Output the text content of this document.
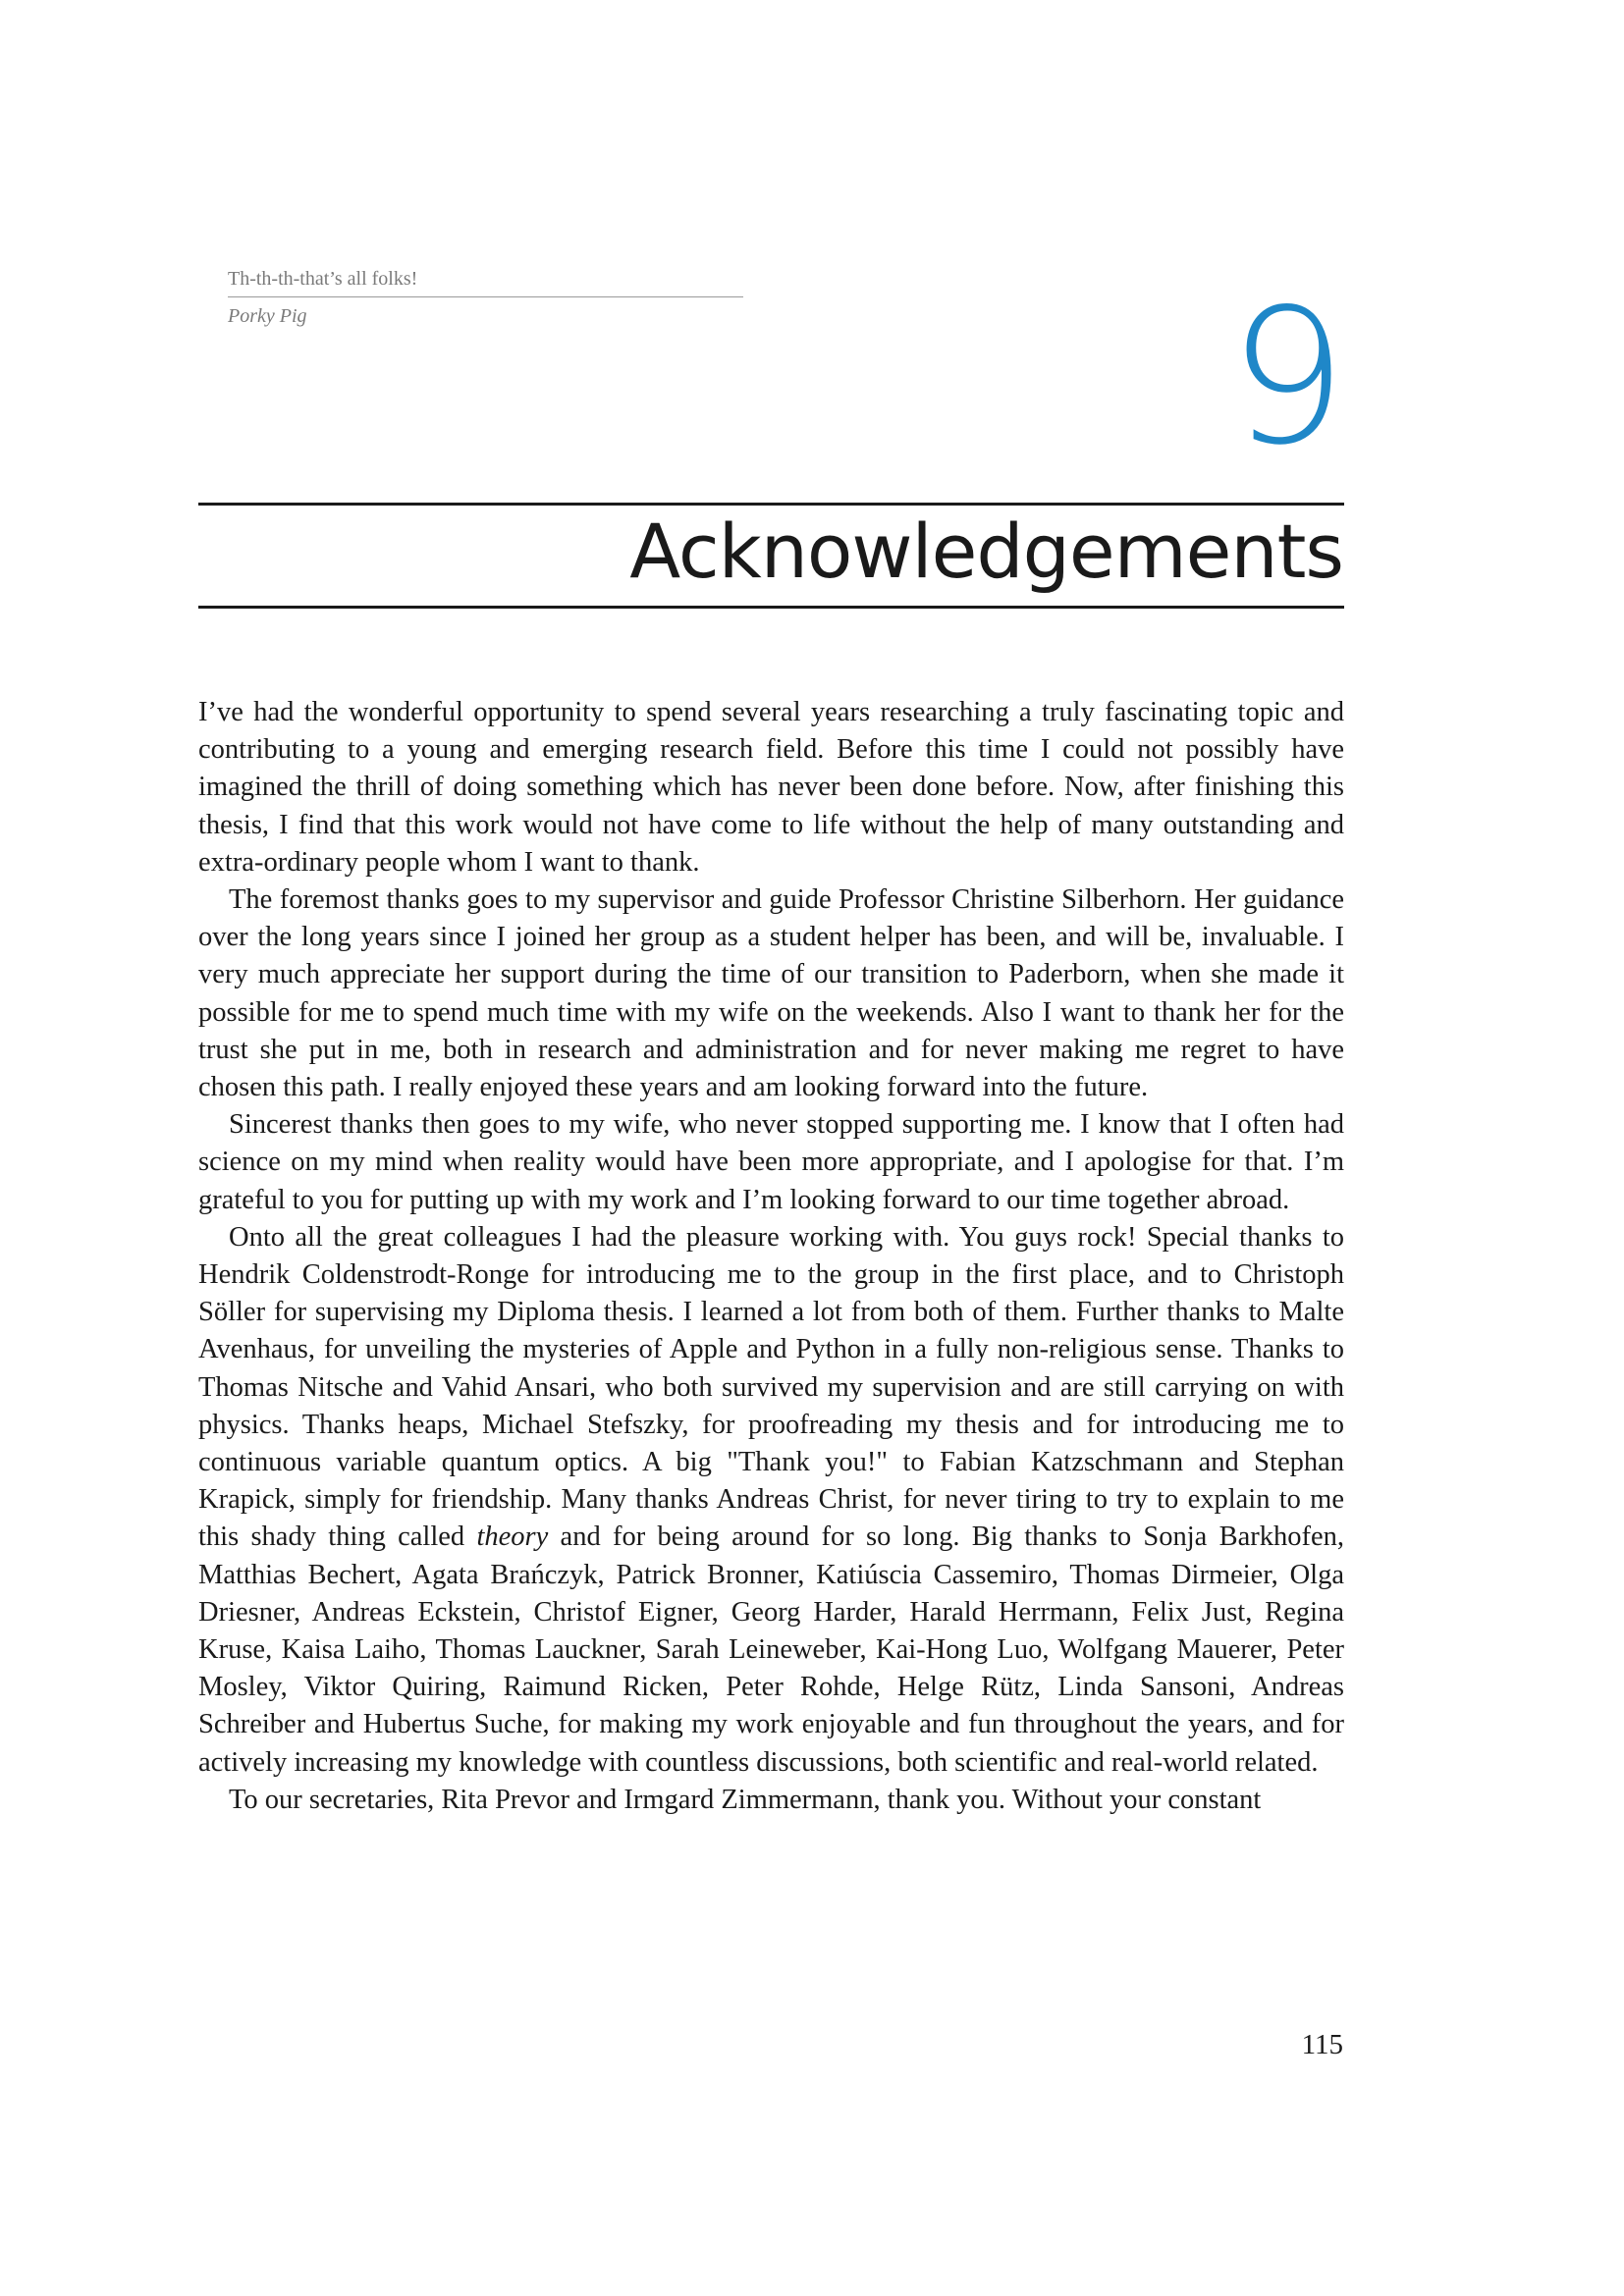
Th-th-th-that’s all folks!
Porky Pig	9
Acknowledgements

I’ve had the wonderful opportunity to spend several years researching a truly fascinating topic and contributing to a young and emerging research field. Before this time I could not possibly have imagined the thrill of doing something which has never been done before. Now, after finishing this thesis, I find that this work would not have come to life without the help of many outstanding and extra-ordinary people whom I want to thank.

The foremost thanks goes to my supervisor and guide Professor Christine Silberhorn. Her guidance over the long years since I joined her group as a student helper has been, and will be, invaluable. I very much appreciate her support during the time of our transition to Paderborn, when she made it possible for me to spend much time with my wife on the weekends. Also I want to thank her for the trust she put in me, both in research and administration and for never making me regret to have chosen this path. I really enjoyed these years and am looking forward into the future.

Sincerest thanks then goes to my wife, who never stopped supporting me. I know that I often had science on my mind when reality would have been more appropriate, and I apologise for that. I’m grateful to you for putting up with my work and I’m looking forward to our time together abroad.

Onto all the great colleagues I had the pleasure working with. You guys rock! Special thanks to Hendrik Coldenstrodt-Ronge for introducing me to the group in the first place, and to Christoph Söller for supervising my Diploma thesis. I learned a lot from both of them. Further thanks to Malte Avenhaus, for unveiling the mysteries of Apple and Python in a fully non-religious sense. Thanks to Thomas Nitsche and Vahid Ansari, who both survived my supervision and are still carrying on with physics. Thanks heaps, Michael Stefszky, for proofreading my thesis and for introducing me to continuous variable quantum optics. A big "Thank you!" to Fabian Katzschmann and Stephan Krapick, simply for friendship. Many thanks Andreas Christ, for never tiring to try to explain to me this shady thing called theory and for being around for so long. Big thanks to Sonja Barkhofen, Matthias Bechert, Agata Brańczyk, Patrick Bronner, Katiúscia Cassemiro, Thomas Dirmeier, Olga Driesner, Andreas Eckstein, Christof Eigner, Georg Harder, Harald Herrmann, Felix Just, Regina Kruse, Kaisa Laiho, Thomas Lauckner, Sarah Leineweber, Kai-Hong Luo, Wolfgang Mauerer, Peter Mosley, Viktor Quiring, Raimund Ricken, Peter Rohde, Helge Rütz, Linda Sansoni, Andreas Schreiber and Hubertus Suche, for making my work enjoyable and fun throughout the years, and for actively increasing my knowledge with countless discussions, both scientific and real-world related.

To our secretaries, Rita Prevor and Irmgard Zimmermann, thank you. Without your constant

115
